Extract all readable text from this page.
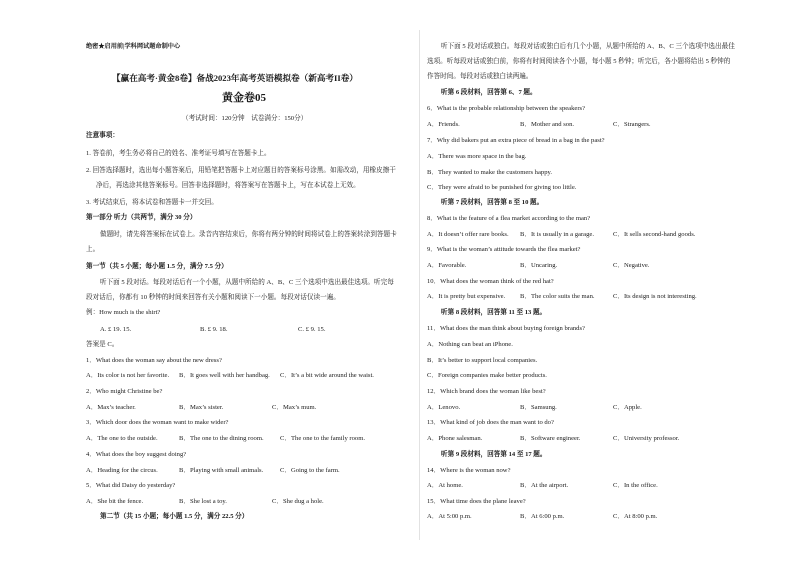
绝密★启用前|学科网试题命制中心
【赢在高考·黄金8卷】备战2023年高考英语模拟卷（新高考II卷）
黄金卷05
（考试时间：120分钟　试卷满分：150分）
注意事项：
1. 答卷前，考生务必将自己的姓名、准考证号填写在答题卡上。
2. 回答选择题时，选出每小题答案后，用铅笔把答题卡上对应题目的答案标号涂黑。如需改动，用橡皮擦干
净后，再选涂其他答案标号。回答非选择题时，将答案写在答题卡上，写在本试卷上无效。
3. 考试结束后，将本试卷和答题卡一并交回。
第一部分 听力（共两节，满分 30 分）
做题时，请先将答案标在试卷上。录音内容结束后，你将有两分钟的时间将试卷上的答案转涂到答题卡
上。
第一节（共 5 小题；每小题 1.5 分，满分 7.5 分）
听下面 5 段对话。每段对话后有一个小题，从题中所给的 A、B、C 三个选项中选出最佳选项。听完每
段对话后，你都有 10 秒钟的时间来回答有关小题和阅读下一小题。每段对话仅读一遍。
例：How much is the shirt?
A. £ 19. 15.	B. £ 9. 18.	C. £ 9. 15.
答案是 C。
1．What does the woman say about the new dress?
A．Its color is not her favorite. B．It goes well with her handbag. C．It’s a bit wide around the waist.
2．Who might Christine be?
A．Max’s teacher.	B．Max’s sister.	C．Max’s mum.
3．Which door does the woman want to make wider?
A．The one to the outside.	B．The one to the dining room. C．The one to the family room.
4．What does the boy suggest doing?
A．Heading for the circus.	B．Playing with small animals.	C．Going to the farm.
5．What did Daisy do yesterday?
A．She bit the fence.	B．She lost a toy.	C．She dug a hole.
第二节（共 15 小题；每小题 1.5 分，满分 22.5 分）
听下面 5 段对话或独白。每段对话或独白后有几个小题，从题中所给的 A、B、C 三个选项中选出最佳
选项。听每段对话或独白前，你将有时间阅读各个小题，每小题 5 秒钟；听完后，各小题将给出 5 秒钟的
作答时间。每段对话或独白读两遍。
听第 6 段材料，回答第 6、7 题。
6．What is the probable relationship between the speakers?
A．Friends.	B．Mother and son.	C．Strangers.
7．Why did bakers put an extra piece of bread in a bag in the past?
A．There was more space in the bag.
B．They wanted to make the customers happy.
C．They were afraid to be punished for giving too little.
听第 7 段材料，回答第 8 至 10 题。
8．What is the feature of a flea market according to the man?
A．It doesn’t offer rare books. B．It is usually in a garage.	C．It sells second-hand goods.
9．What is the woman’s attitude towards the flea market?
A．Favorable.	B．Uncaring.	C．Negative.
10．What does the woman think of the red hat?
A．It is pretty but expensive. B．The color suits the man.	C．Its design is not interesting.
听第 8 段材料，回答第 11 至 13 题。
11．What does the man think about buying foreign brands?
A．Nothing can beat an iPhone.
B．It’s better to support local companies.
C．Foreign companies make better products.
12．Which brand does the woman like best?
A．Lenovo.	B．Samsung.	C．Apple.
13．What kind of job does the man want to do?
A．Phone salesman.	B．Software engineer.	C．University professor.
听第 9 段材料，回答第 14 至 17 题。
14．Where is the woman now?
A．At home.	B．At the airport.	C．In the office.
15．What time does the plane leave?
A．At 5:00 p.m.	B．At 6:00 p.m.	C．At 8:00 p.m.
